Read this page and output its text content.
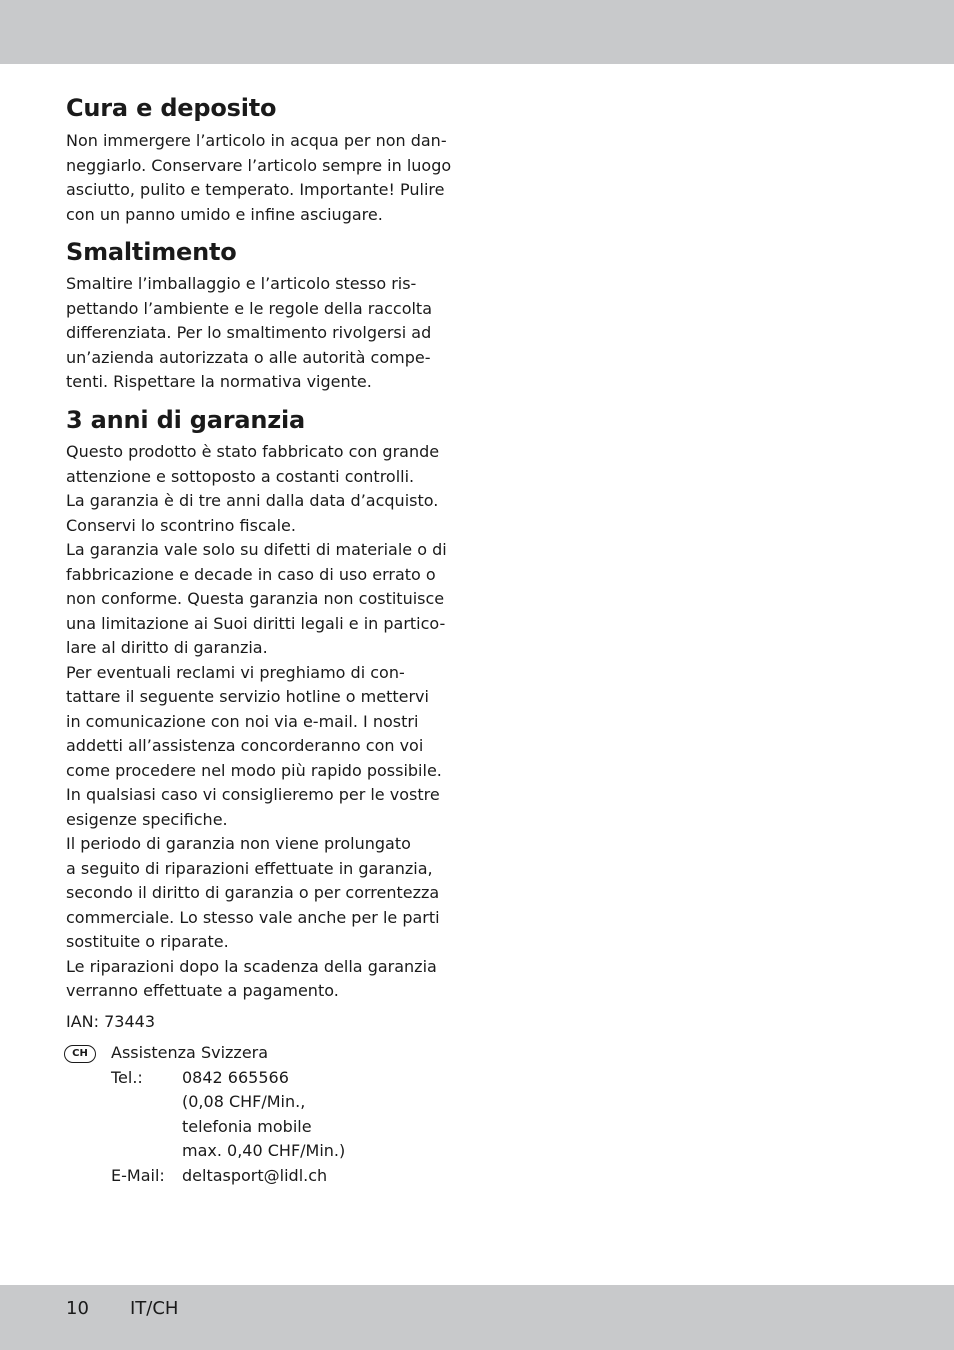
Cura e deposito
Non immergere l’articolo in acqua per non dan-
neggiarlo. Conservare l’articolo sempre in luogo
asciutto, pulito e temperato. Importante! Pulire
con un panno umido e infine asciugare.
Smaltimento
Smaltire l’imballaggio e l’articolo stesso ris-
pettando l’ambiente e le regole della raccolta
differenziata. Per lo smaltimento rivolgersi ad
un’azienda autorizzata o alle autorità compe-
tenti. Rispettare la normativa vigente.
3 anni di garanzia
Questo prodotto è stato fabbricato con grande
attenzione e sottoposto a costanti controlli.
La garanzia è di tre anni dalla data d’acquisto.
Conservi lo scontrino fiscale.
La garanzia vale solo su difetti di materiale o di
fabbricazione e decade in caso di uso errato o
non conforme. Questa garanzia non costituisce
una limitazione ai Suoi diritti legali e in partico-
lare al diritto di garanzia.
Per eventuali reclami vi preghiamo di con-
tattare il seguente servizio hotline o mettervi
in comunicazione con noi via e-mail. I nostri
addetti all’assistenza concorderanno con voi
come procedere nel modo più rapido possibile.
In qualsiasi caso vi consiglieremo per le vostre
esigenze specifiche.
Il periodo di garanzia non viene prolungato
a seguito di riparazioni effettuate in garanzia,
secondo il diritto di garanzia o per correntezza
commerciale. Lo stesso vale anche per le parti
sostituite o riparate.
Le riparazioni dopo la scadenza della garanzia
verranno effettuate a pagamento.
IAN: 73443
CH	Assistenza Svizzera
Tel.:	0842 665566
(0,08 CHF/Min.,
telefonia mobile
max. 0,40 CHF/Min.)
E-Mail:	deltasport@lidl.ch
10 IT/CH
